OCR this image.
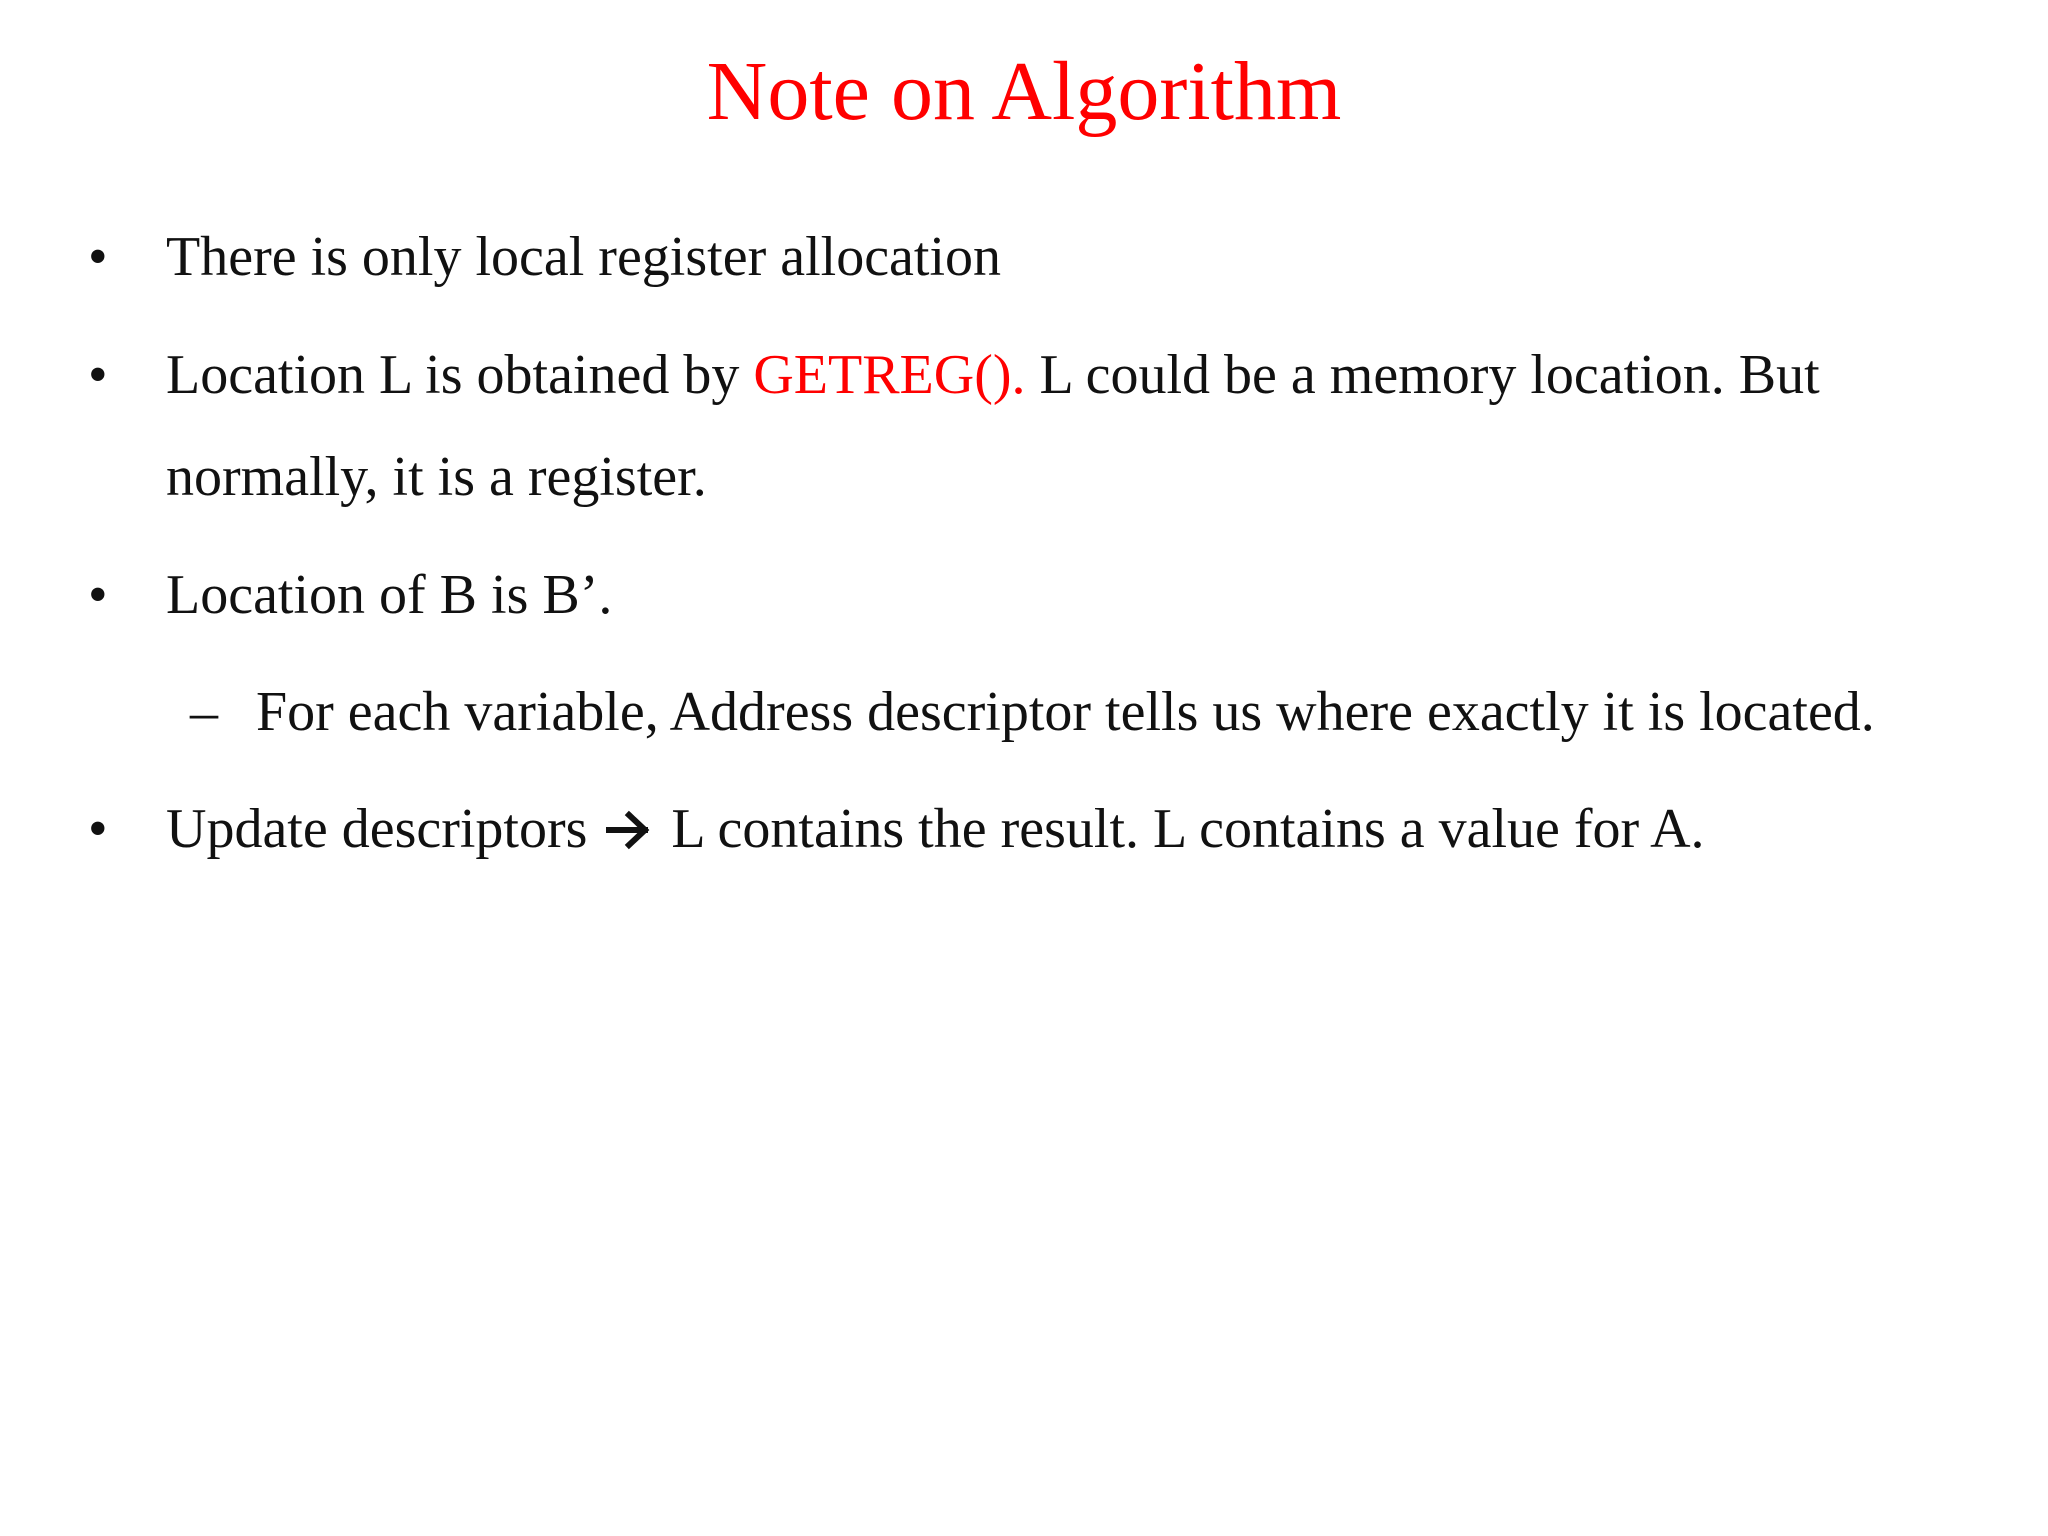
Note on Algorithm
• There is only local register allocation
• Location L is obtained by GETREG(). L could be a memory location. But
normally, it is a register.
• Location of B is B’.
– For each variable, Address descriptor tells us where exactly it is located.
• Update descriptors  L contains the result. L contains a value for A.
